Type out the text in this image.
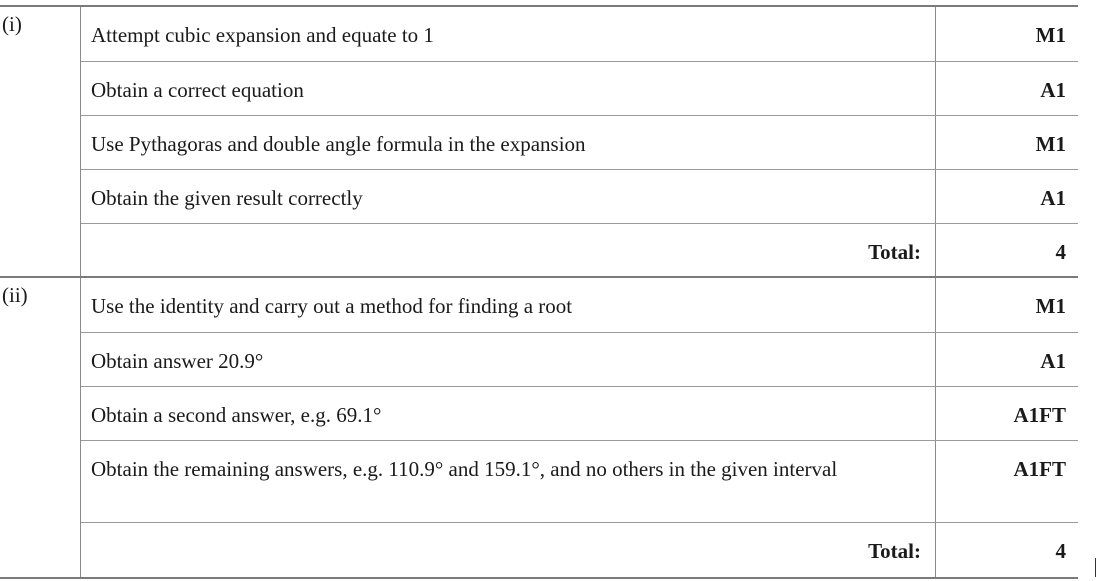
(i)	Attempt cubic expansion and equate to 1	M1
Obtain a correct equation	A1
Use Pythagoras and double angle formula in the expansion	M1
Obtain the given result correctly	A1
Total:	4
(ii)	Use the identity and carry out a method for finding a root	M1
Obtain answer 20.9°	A1
Obtain a second answer, e.g. 69.1°	A1FT
Obtain the remaining answers, e.g. 110.9° and 159.1°, and no others in the given interval	A1FT
Total:	4
